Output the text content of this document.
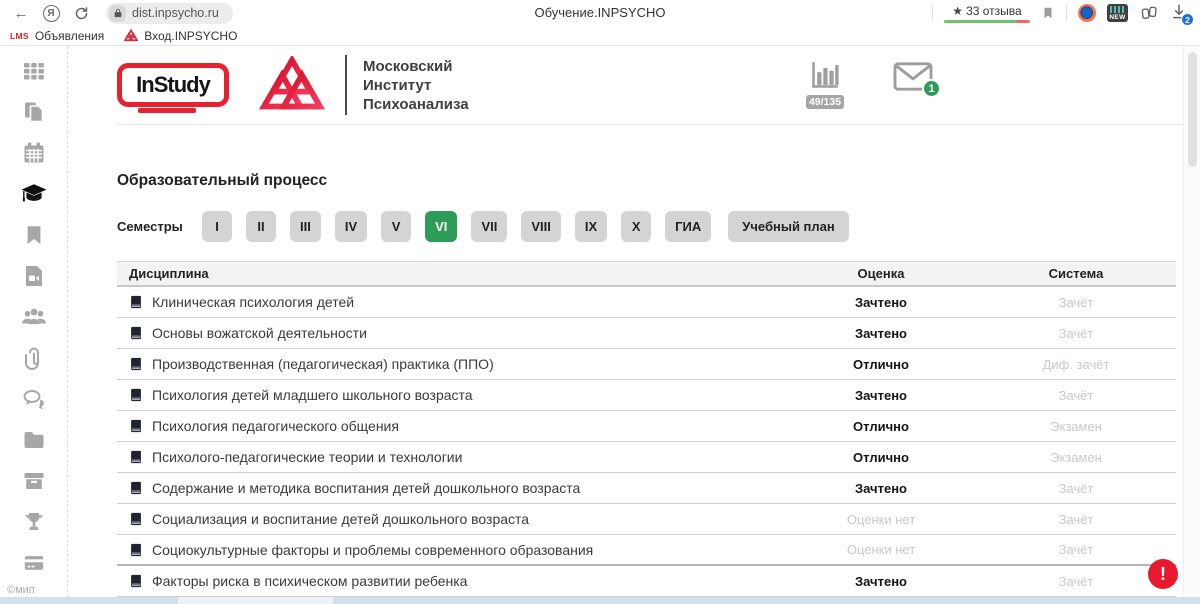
←	Я	dist.inpsycho.ru	Обучение.INPSYCHO	★ 33 отзыва	NEW	2
LMS Объявления	Вход.INPSYCHO
©мип
InStudy
Московский
Институт
Психоанализа	49/135
1
Образовательный процесс
Семестры	I	II	III	IV	V	VI	VII	VIII	IX	X	ГИА	Учебный план
Дисциплина	Оценка	Система
Клиническая психология детей	Зачтено	Зачёт
Основы вожатской деятельности	Зачтено	Зачёт
Производственная (педагогическая) практика (ППО)	Отлично	Диф. зачёт
Психология детей младшего школьного возраста	Зачтено	Зачёт
Психология педагогического общения	Отлично	Экзамен
Психолого-педагогические теории и технологии	Отлично	Экзамен
Содержание и методика воспитания детей дошкольного возраста	Зачтено	Зачёт
Социализация и воспитание детей дошкольного возраста	Оценки нет	Зачёт
Социокультурные факторы и проблемы современного образования	Оценки нет	Зачёт
Факторы риска в психическом развитии ребенка	Зачтено	Зачёт	!
